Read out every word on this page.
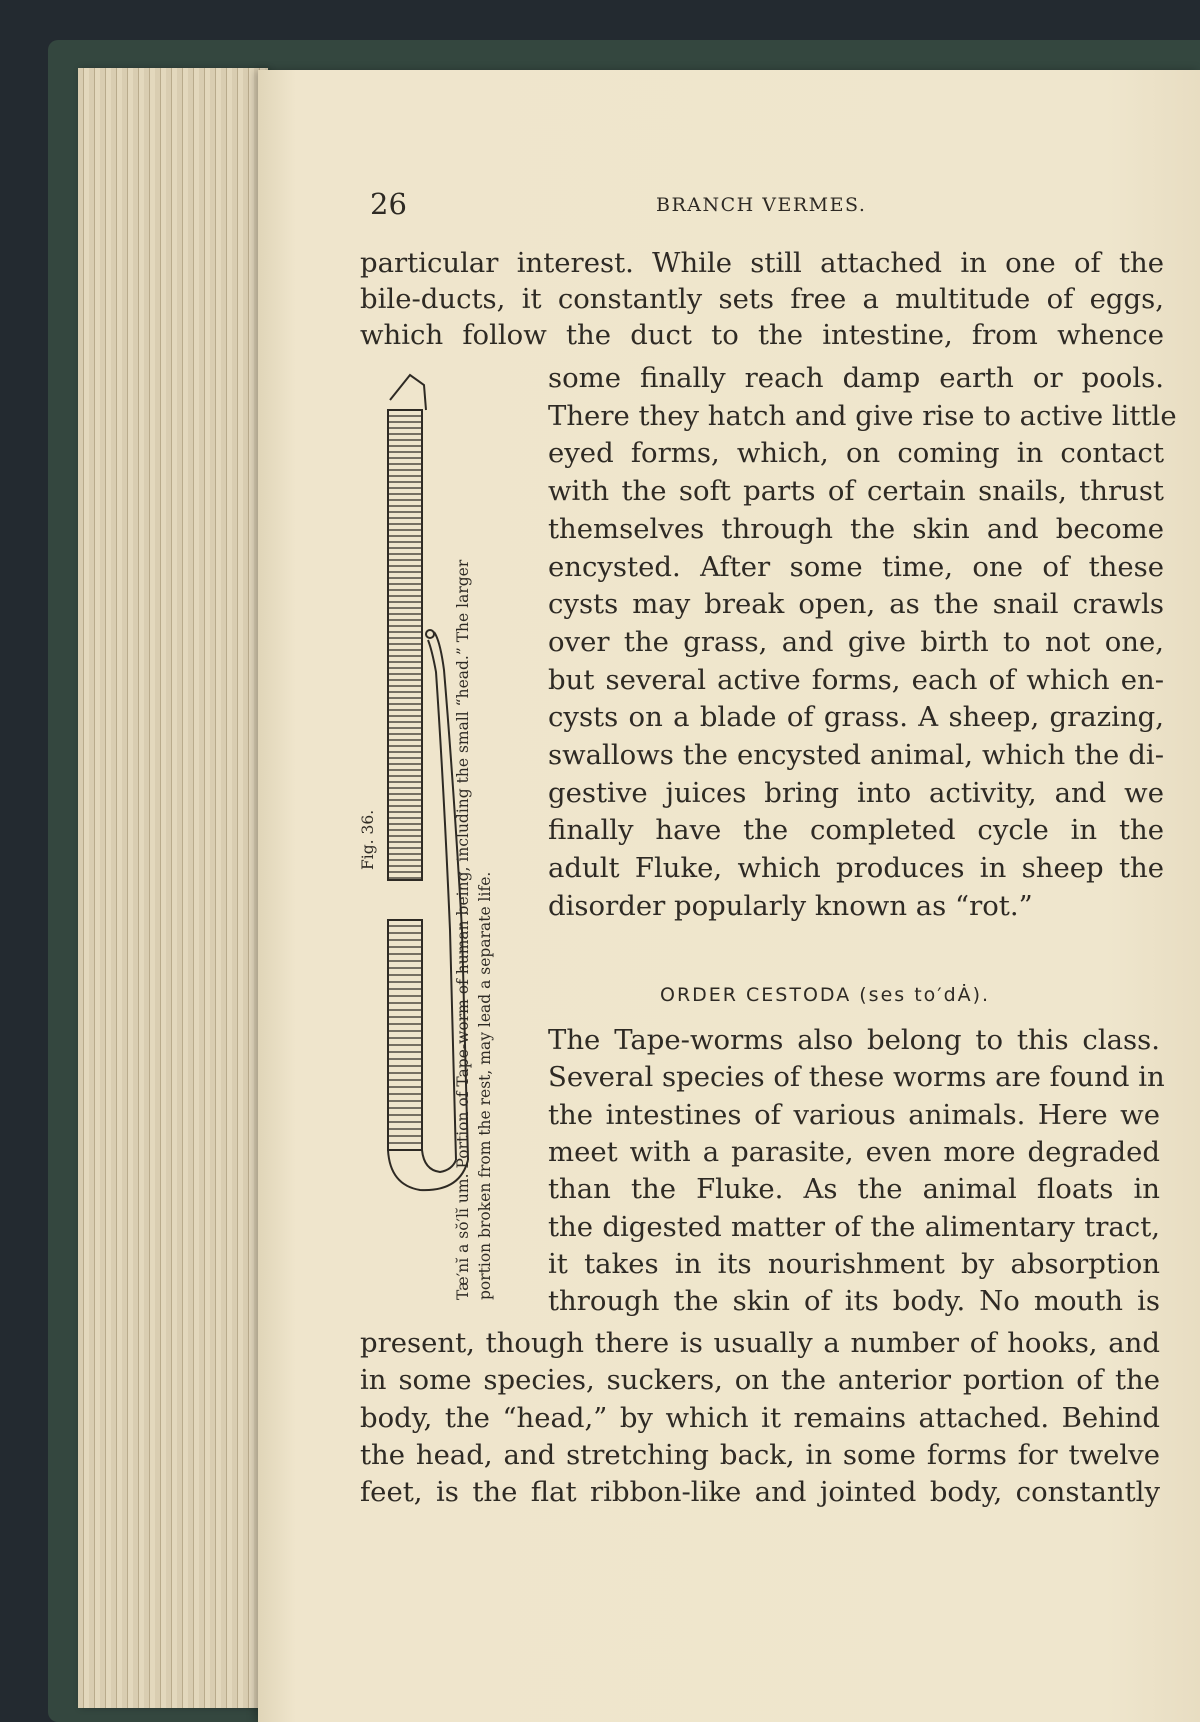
26	BRANCH VERMES.
particular interest. While still attached in one of the
bile-ducts, it constantly sets free a multitude of eggs,
which follow the duct to the intestine, from whence
some finally reach damp earth or pools.
There they hatch and give rise to active little
eyed forms, which, on coming in contact
with the soft parts of certain snails, thrust
themselves through the skin and become
encysted. After some time, one of these
cysts may break open, as the snail crawls
over the grass, and give birth to not one,
but several active forms, each of which en-
cysts on a blade of grass. A sheep, grazing,
swallows the encysted animal, which the di-
gestive juices bring into activity, and we
finally have the completed cycle in the
adult Fluke, which produces in sheep the
disorder popularly known as “rot.”
The Tape-worms also belong to this class.
Several species of these worms are found in
the intestines of various animals. Here we
meet with a parasite, even more degraded
than the Fluke. As the animal floats in
the digested matter of the alimentary tract,
it takes in its nourishment by absorption
through the skin of its body. No mouth is
present, though there is usually a number of hooks, and
in some species, suckers, on the anterior portion of the
body, the “head,” by which it remains attached. Behind
the head, and stretching back, in some forms for twelve
feet, is the flat ribbon-like and jointed body, constantly
ORDER CESTODA (ses to′dȦ).
Fig. 36.	Tæ′nĭ a sŏ′lĭ um. Portion of Tape-worm of human being, including the small “head.” The larger portion broken from the rest, may lead a separate life.
